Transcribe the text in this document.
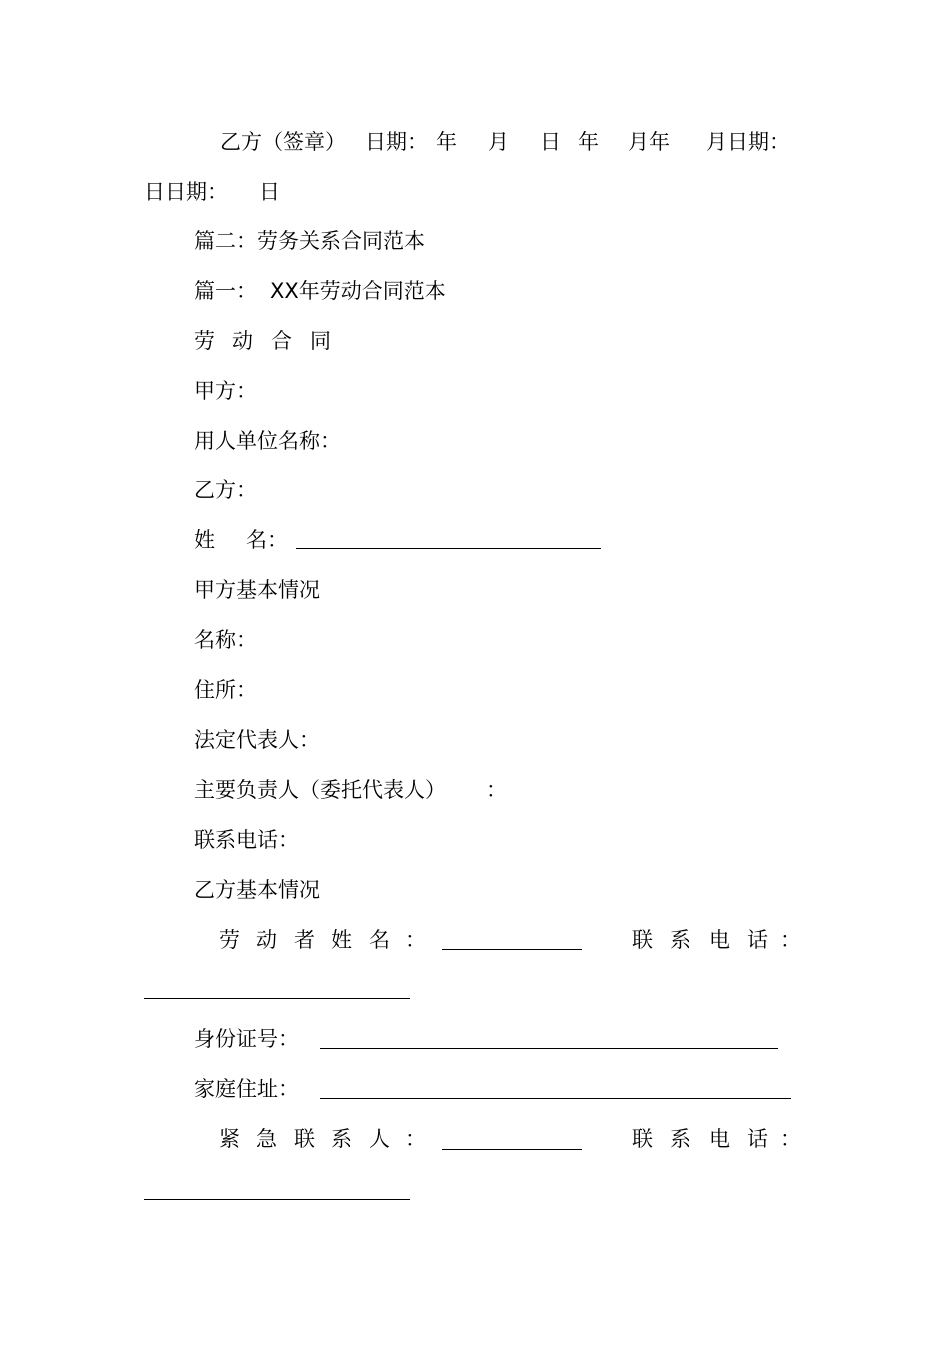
乙方（签章） 日期： 年 月 日 年 月年 月日期：
日日期： 日
篇二：劳务关系合同范本
篇一： XX年劳动合同范本
劳 动 合 同
甲方：
用人单位名称：
乙方：
姓 名：
甲方基本情况
名称：
住所：
法定代表人：
主要负责人（委托代表人） ：
联系电话：
乙方基本情况
劳 动 者 姓 名 ：	联 系 电 话 ：
身份证号：
家庭住址：
紧 急 联 系 人 ：	联 系 电 话 ：
